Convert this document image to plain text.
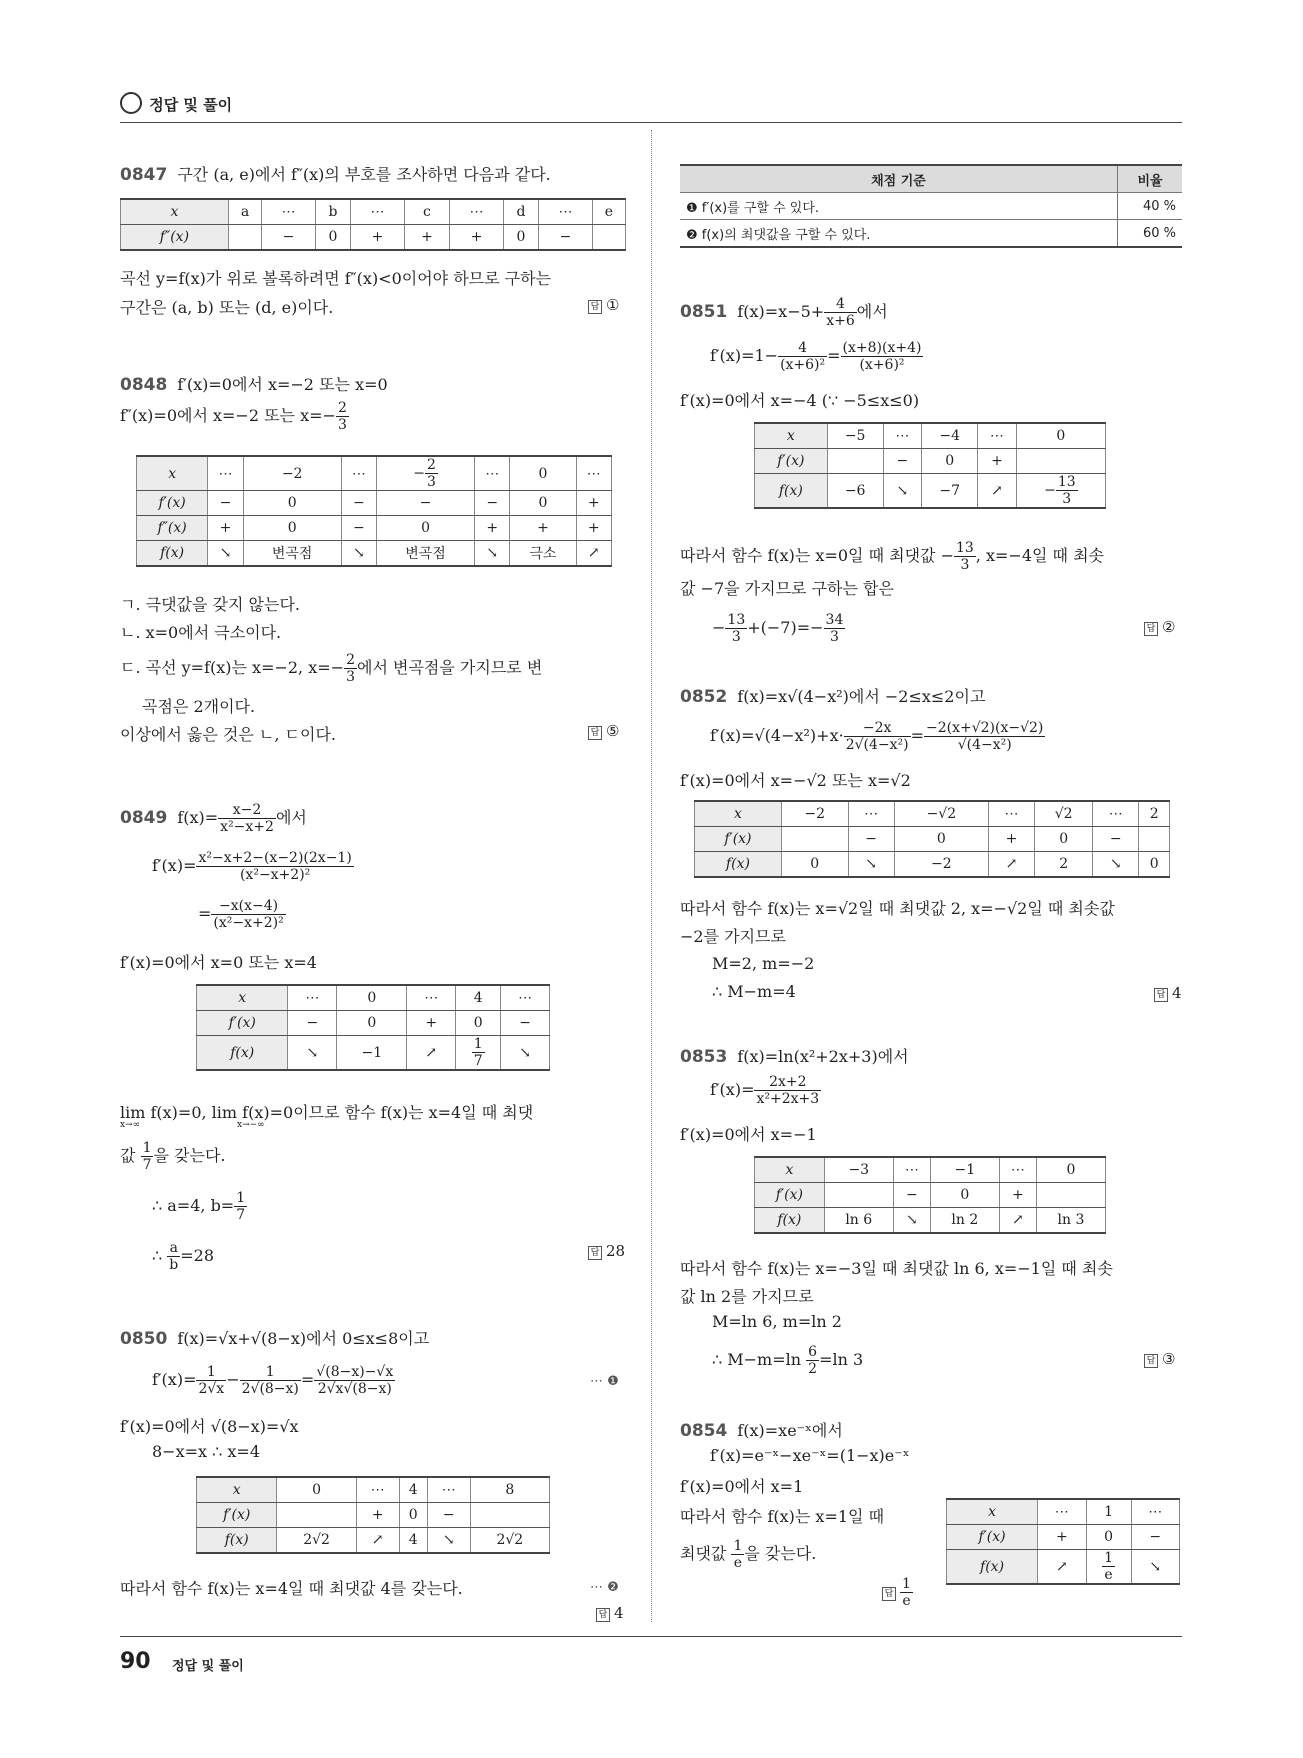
정답 및 풀이
0847 구간 (a, e)에서 f″(x)의 부호를 조사하면 다음과 같다.
x	a	⋯	b	⋯	c	⋯	d	⋯	e
f″(x)		−	0	+	+	+	0	−	
곡선 y=f(x)가 위로 볼록하려면 f″(x)<0이어야 하므로 구하는
구간은 (a, b) 또는 (d, e)이다.	답 ①
0848 f′(x)=0에서 x=−2 또는 x=0
f″(x)=0에서 x=−2 또는 $x=- \frac{2}{3}$
x	⋯	−2	⋯	− $\frac{2}{3}$	⋯	0	⋯
f′(x)	−	0	−	−	−	0	+
f″(x)	+	0	−	0	+	+	+
f(x)	↘	변곡점	↘	변곡점	↘	극소	↗
ㄱ. 극댓값을 갖지 않는다.
ㄴ. x=0에서 극소이다.
ㄷ. 곡선 y=f(x)는 x=−2, $x=- \frac{2}{3}$ 에서 변곡점을 가지므로 변
곡점은 2개이다.
이상에서 옳은 것은 ㄴ, ㄷ이다.	답 ⑤
0849 $f(x)= \frac{x-2}{\text{x²−x+2}}$ 에서
$f'(x)= \frac{\text{x²−x+2−(x−2)(2x−1)}}{\text{(x²−x+2)²}}$
= $\frac{-x(x-4)}{\text{(x²−x+2)²}}$
f′(x)=0에서 x=0 또는 x=4
x	⋯	0	⋯	4	⋯
f′(x)	−	0	+	0	−
f(x)	↘	−1	↗	$\frac{1}{7}$	↘
lim f(x)=0, lim f(x)=0이므로 함수 f(x)는 x=4일 때 최댓
x→∞	x→−∞
값 $\frac{1}{7}$ 을 갖는다.
∴ a=4, $b= \frac{1}{7}$
∴ $\frac{a}{b} =28$	답 28
0850 f(x)=√x+√(8−x)에서 0≤x≤8이고
$f'(x)= \frac{1}{2√x} - \frac{1}{2√(8-x)} = \frac{√(8-x)-√x}{2√x√(8-x)}$	⋯ ❶
f′(x)=0에서 √(8−x)=√x
8−x=x ∴ x=4
x	0	⋯	4	⋯	8
f′(x)		+	0	−	
f(x)	2√2	↗	4	↘	2√2
따라서 함수 f(x)는 x=4일 때 최댓값 4를 갖는다.	⋯ ❷
답 4
채점 기준	비율
❶ f′(x)를 구할 수 있다.	40 %
❷ f(x)의 최댓값을 구할 수 있다.	60 %
0851 $f(x)=x-5+ \frac{4}{x+6}$ 에서
$f'(x)=1- \frac{4}{\text{(x+6)²}} = \frac{(x+8)(x+4)}{\text{(x+6)²}}$
f′(x)=0에서 x=−4 (∵ −5≤x≤0)
x	−5	⋯	−4	⋯	0
f′(x)		−	0	+	
f(x)	−6	↘	−7	↗	− $\frac{13}{3}$
따라서 함수 f(x)는 x=0일 때 최댓값 − $\frac{13}{3}$ , x=−4일 때 최솟
값 −7을 가지므로 구하는 합은
− $\frac{13}{3} +(-7)=- \frac{34}{3}$	답 ②
0852 f(x)=x√(4−x²)에서 −2≤x≤2이고
$f'(x)=√(4-x^2)+x\cdot \frac{-2x}{\text{2√(4−x²)}} = \frac{-2(x+√2)(x-√2)}{\text{√(4−x²)}}$
f′(x)=0에서 x=−√2 또는 x=√2
x	−2	⋯	−√2	⋯	√2	⋯	2
f′(x)		−	0	+	0	−	
f(x)	0	↘	−2	↗	2	↘	0
따라서 함수 f(x)는 x=√2일 때 최댓값 2, x=−√2일 때 최솟값
−2를 가지므로
M=2, m=−2
∴ M−m=4	답 4
0853 f(x)=ln(x²+2x+3)에서
$f'(x)= \frac{2x+2}{\text{x²+2x+3}}$
f′(x)=0에서 x=−1
x	−3	⋯	−1	⋯	0
f′(x)		−	0	+	
f(x)	ln 6	↘	ln 2	↗	ln 3
따라서 함수 f(x)는 x=−3일 때 최댓값 ln 6, x=−1일 때 최솟
값 ln 2를 가지므로
M=ln 6, m=ln 2
∴ $M-m=\ln \frac{6}{2} =\ln$ 3	답 ③
0854 f(x)=xe⁻ˣ에서
f′(x)=e⁻ˣ−xe⁻ˣ=(1−x)e⁻ˣ
f′(x)=0에서 x=1
따라서 함수 f(x)는 x=1일 때
최댓값 $\frac{1}{e}$ 을 갖는다.
x	⋯	1	⋯
f′(x)	+	0	−
f(x)	↗	$\frac{1}{e}$	↘
답 $\frac{1}{e}$
90 정답 및 풀이
